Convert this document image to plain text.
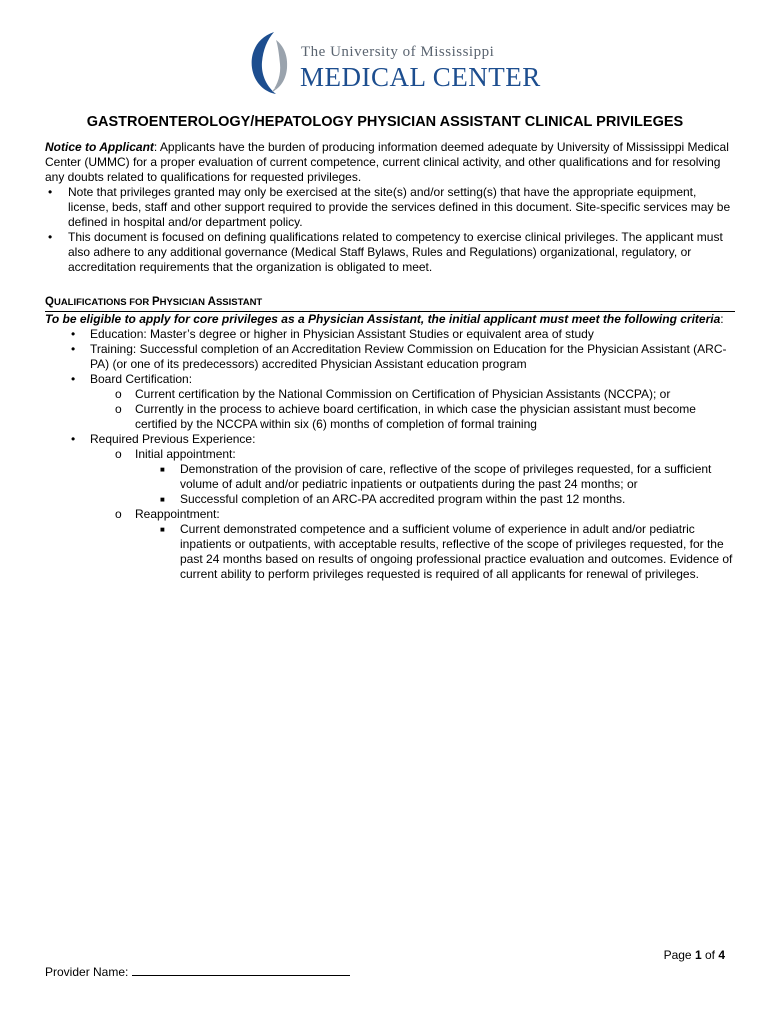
The University of Mississippi
MEDICAL CENTER
GASTROENTEROLOGY/HEPATOLOGY PHYSICIAN ASSISTANT CLINICAL PRIVILEGES

Notice to Applicant: Applicants have the burden of producing information deemed adequate by University of Mississippi Medical Center (UMMC) for a proper evaluation of current competence, current clinical activity, and other qualifications and for resolving any doubts related to qualifications for requested privileges.

• Note that privileges granted may only be exercised at the site(s) and/or setting(s) that have the appropriate equipment, license, beds, staff and other support required to provide the services defined in this document. Site-specific services may be defined in hospital and/or department policy.
• This document is focused on defining qualifications related to competency to exercise clinical privileges. The applicant must also adhere to any additional governance (Medical Staff Bylaws, Rules and Regulations) organizational, regulatory, or accreditation requirements that the organization is obligated to meet.
QUALIFICATIONS FOR PHYSICIAN ASSISTANT

To be eligible to apply for core privileges as a Physician Assistant, the initial applicant must meet the following criteria:

• Education: Master’s degree or higher in Physician Assistant Studies or equivalent area of study
• Training: Successful completion of an Accreditation Review Commission on Education for the Physician Assistant (ARC-PA) (or one of its predecessors) accredited Physician Assistant education program
• Board Certification:
o Current certification by the National Commission on Certification of Physician Assistants (NCCPA); or
o Currently in the process to achieve board certification, in which case the physician assistant must become certified by the NCCPA within six (6) months of completion of formal training
• Required Previous Experience:
o Initial appointment:
■ Demonstration of the provision of care, reflective of the scope of privileges requested, for a sufficient volume of adult and/or pediatric inpatients or outpatients during the past 24 months; or
■ Successful completion of an ARC-PA accredited program within the past 12 months.
o Reappointment:
■ Current demonstrated competence and a sufficient volume of experience in adult and/or pediatric inpatients or outpatients, with acceptable results, reflective of the scope of privileges requested, for the past 24 months based on results of ongoing professional practice evaluation and outcomes. Evidence of current ability to perform privileges requested is required of all applicants for renewal of privileges.
Page 1 of 4
Provider Name:
